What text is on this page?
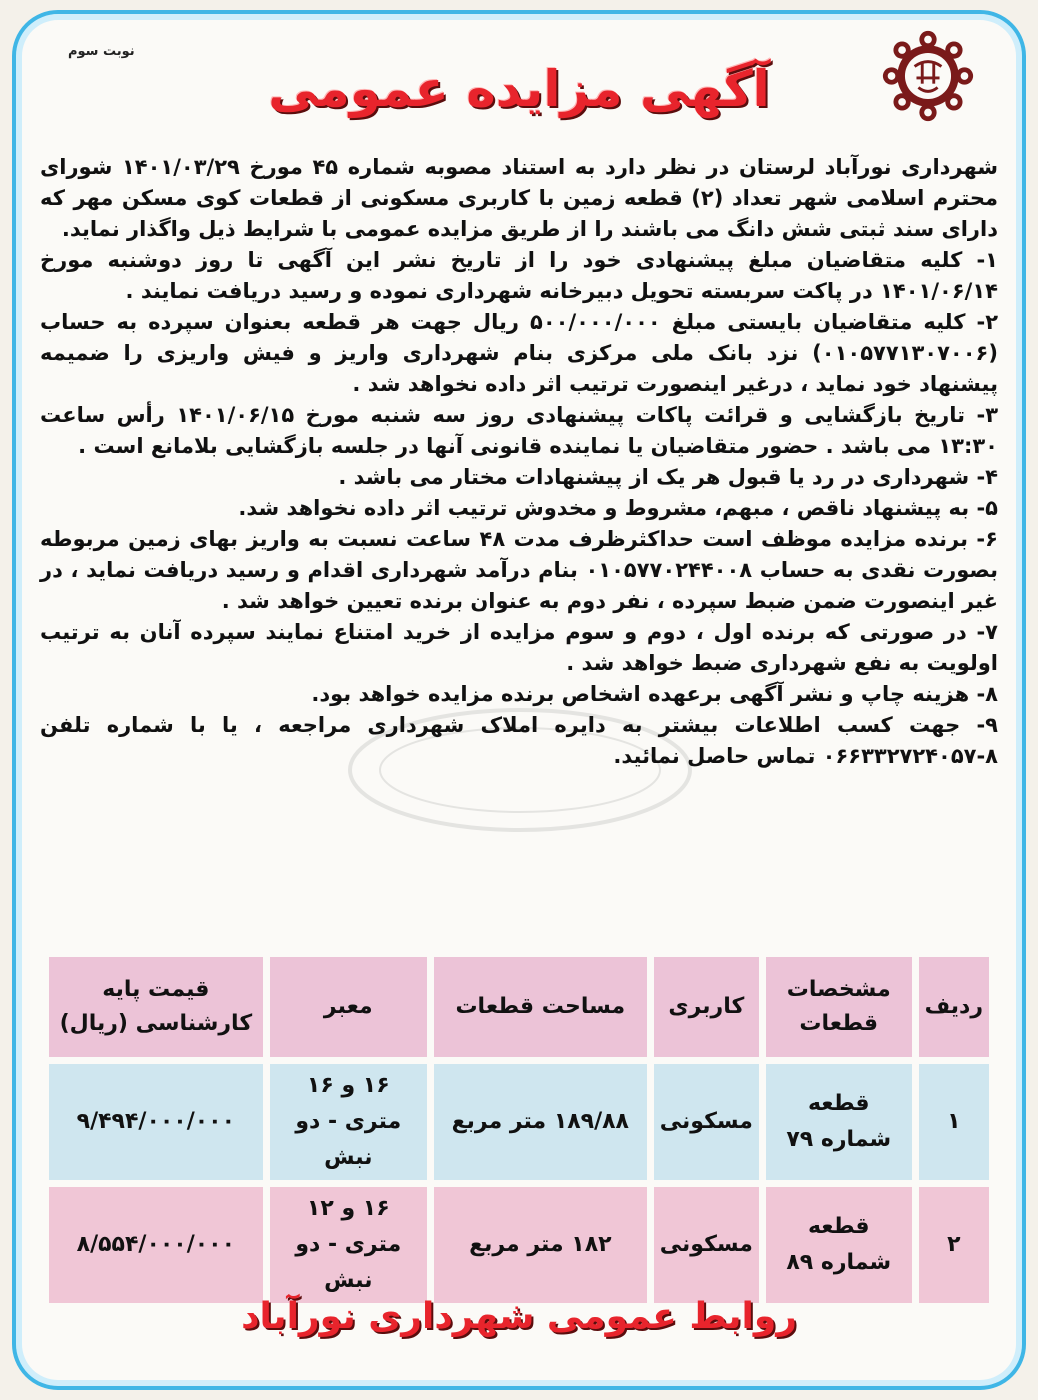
نوبت سوم
آگهی مزایده عمومی

شهرداری نورآباد لرستان در نظر دارد به استناد مصوبه شماره ۴۵ مورخ ۱۴۰۱/۰۳/۲۹ شورای محترم اسلامی شهر تعداد (۲) قطعه زمین با کاربری مسکونی از قطعات کوی مسکن مهر که دارای سند ثبتی شش دانگ می باشند را از طریق مزایده عمومی با شرایط ذیل واگذار نماید.

۱- کلیه متقاضیان مبلغ پیشنهادی خود را از تاریخ نشر این آگهی تا روز دوشنبه مورخ ۱۴۰۱/۰۶/۱۴ در پاکت سربسته تحویل دبیرخانه شهرداری نموده و رسید دریافت نمایند .

۲- کلیه متقاضیان بایستی مبلغ ۵۰۰/۰۰۰/۰۰۰ ریال جهت هر قطعه بعنوان سپرده به حساب (۰۱۰۵۷۷۱۳۰۷۰۰۶) نزد بانک ملی مرکزی بنام شهرداری واریز و فیش واریزی را ضمیمه پیشنهاد خود نماید ، درغیر اینصورت ترتیب اثر داده نخواهد شد .

۳- تاریخ بازگشایی و قرائت پاکات پیشنهادی روز سه شنبه مورخ ۱۴۰۱/۰۶/۱۵ رأس ساعت ۱۳:۳۰ می باشد . حضور متقاضیان یا نماینده قانونی آنها در جلسه بازگشایی بلامانع است .

۴- شهرداری در رد یا قبول هر یک از پیشنهادات مختار می باشد .

۵- به پیشنهاد ناقص ، مبهم، مشروط و مخدوش ترتیب اثر داده نخواهد شد.

۶- برنده مزایده موظف است حداکثرظرف مدت ۴۸ ساعت نسبت به واریز بهای زمین مربوطه بصورت نقدی به حساب ۰۱۰۵۷۷۰۲۴۴۰۰۸ بنام درآمد شهرداری اقدام و رسید دریافت نماید ، در غیر اینصورت ضمن ضبط سپرده ، نفر دوم به عنوان برنده تعیین خواهد شد .

۷- در صورتی که برنده اول ، دوم و سوم مزایده از خرید امتناع نمایند سپرده آنان به ترتیب اولویت به نفع شهرداری ضبط خواهد شد .

۸- هزینه چاپ و نشر آگهی برعهده اشخاص برنده مزایده خواهد بود.

۹- جهت کسب اطلاعات بیشتر به دایره املاک شهرداری مراجعه ، یا با شماره تلفن ۸-۰۶۶۳۳۲۷۲۴۰۵۷ تماس حاصل نمائید.

ردیف	مشخصات قطعات	کاربری	مساحت قطعات	معبر	قیمت پایه کارشناسی (ریال)
۱	قطعه شماره ۷۹	مسکونی	۱۸۹/۸۸ متر مربع	۱۶ و ۱۶ متری - دو نبش	۹/۴۹۴/۰۰۰/۰۰۰
۲	قطعه شماره ۸۹	مسکونی	۱۸۲ متر مربع	۱۶ و ۱۲ متری - دو نبش	۸/۵۵۴/۰۰۰/۰۰۰
روابط عمومی شهرداری نورآباد
